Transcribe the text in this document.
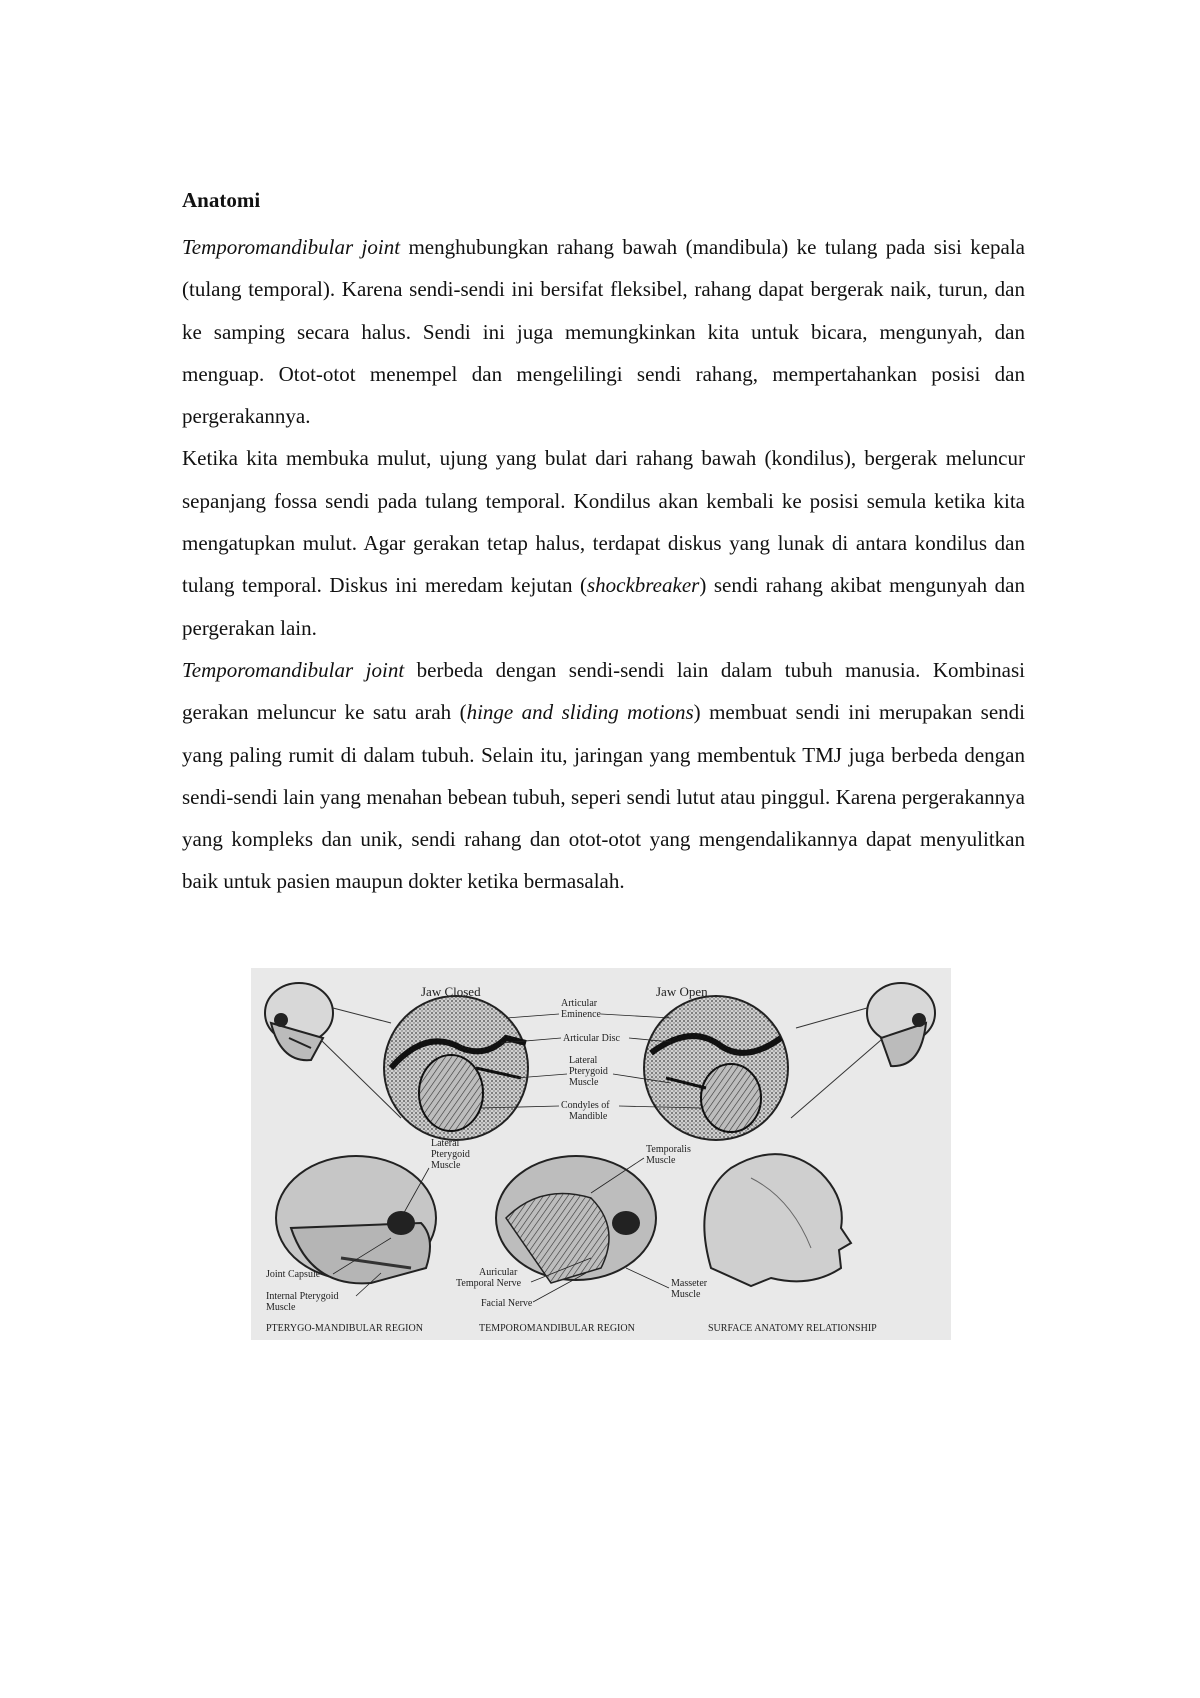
Anatomi

Temporomandibular joint menghubungkan rahang bawah (mandibula) ke tulang pada sisi kepala (tulang temporal). Karena sendi-sendi ini bersifat fleksibel, rahang dapat bergerak naik, turun, dan ke samping secara halus. Sendi ini juga memungkinkan kita untuk bicara, mengunyah, dan menguap. Otot-otot menempel dan mengelilingi sendi rahang, mempertahankan posisi dan pergerakannya.

Ketika kita membuka mulut, ujung yang bulat dari rahang bawah (kondilus), bergerak meluncur sepanjang fossa sendi pada tulang temporal. Kondilus akan kembali ke posisi semula ketika kita mengatupkan mulut. Agar gerakan tetap halus, terdapat diskus yang lunak di antara kondilus dan tulang temporal. Diskus ini meredam kejutan (shockbreaker) sendi rahang akibat mengunyah dan pergerakan lain.

Temporomandibular joint berbeda dengan sendi-sendi lain dalam tubuh manusia. Kombinasi gerakan meluncur ke satu arah (hinge and sliding motions) membuat sendi ini merupakan sendi yang paling rumit di dalam tubuh. Selain itu, jaringan yang membentuk TMJ juga berbeda dengan sendi-sendi lain yang menahan bebean tubuh, seperi sendi lutut atau pinggul. Karena pergerakannya yang kompleks dan unik, sendi rahang dan otot-otot yang mengendalikannya dapat menyulitkan baik untuk pasien maupun dokter ketika bermasalah.

Jaw Closed	Jaw Open
Articular
Eminence
Articular Disc
Lateral
Pterygoid
Muscle
Condyles of
Mandible
Lateral
Pterygoid
Muscle
Temporalis
Muscle
Joint Capsule
Internal Pterygoid
Muscle
Auricular
Temporal Nerve
Facial Nerve
Masseter
Muscle
PTERYGO-MANDIBULAR REGION	TEMPOROMANDIBULAR REGION	SURFACE ANATOMY RELATIONSHIP
